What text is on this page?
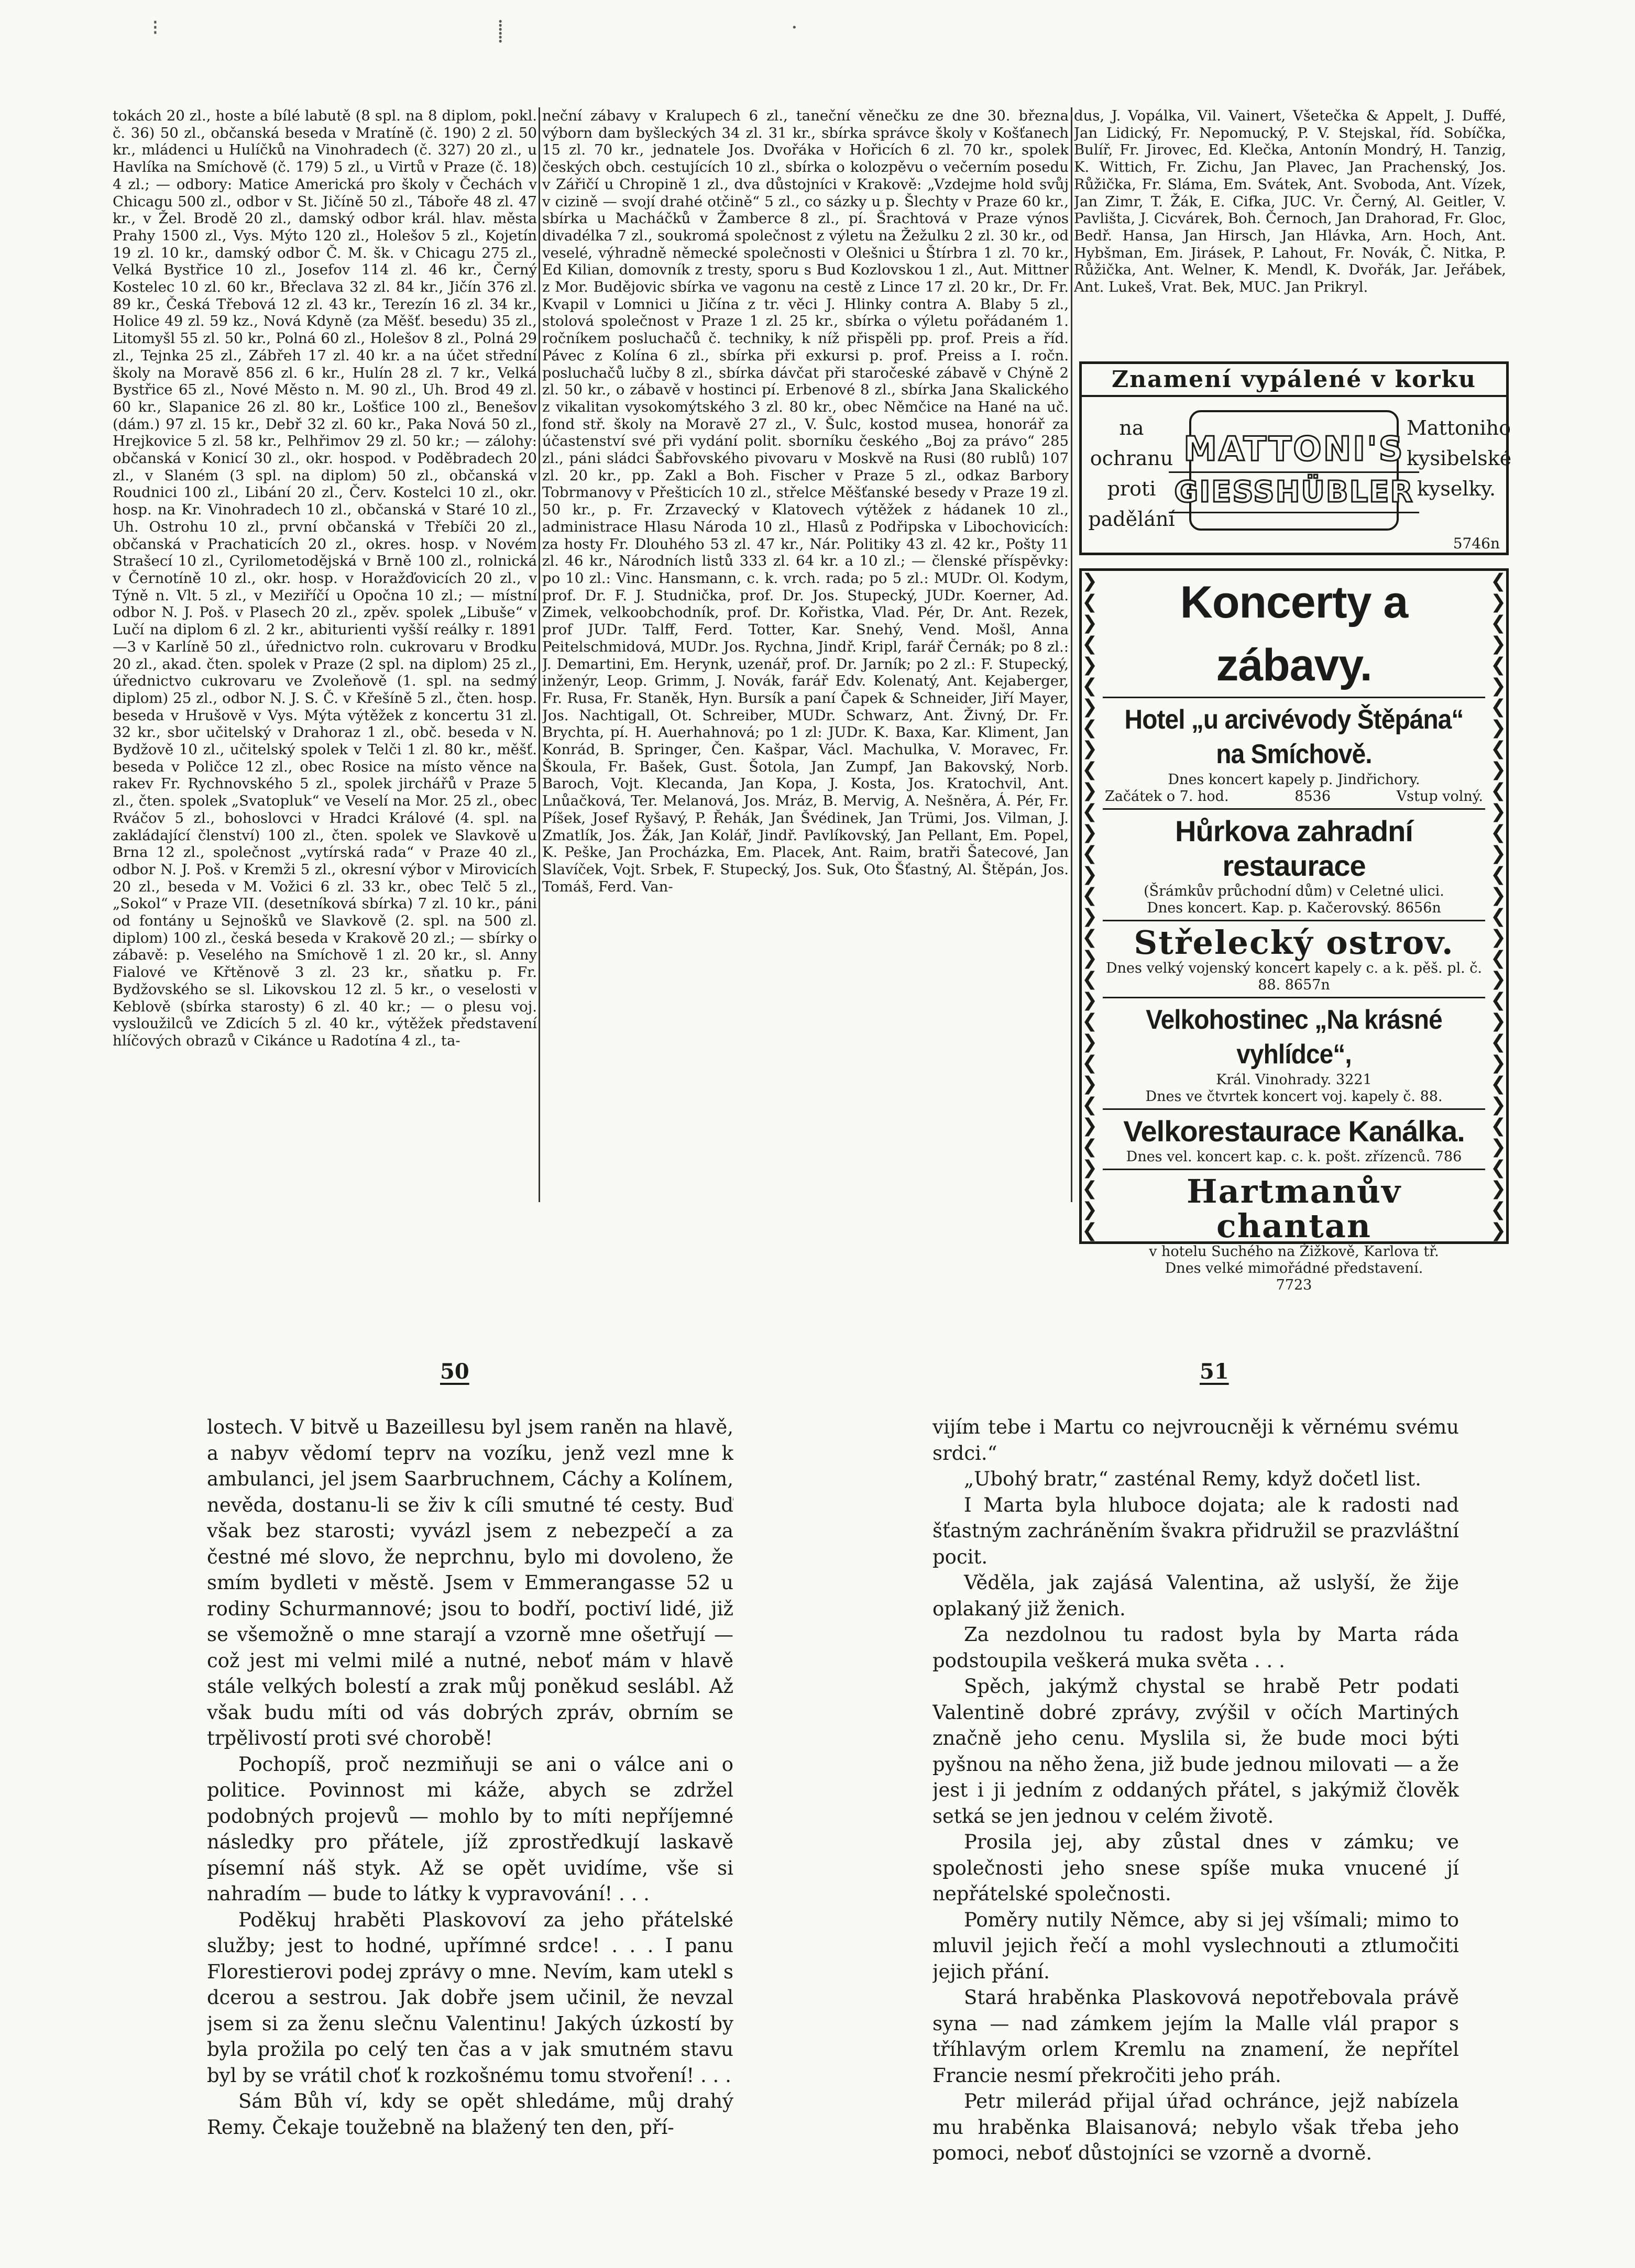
⁝	⸽	·

tokách 20 zl., hoste a bílé labutě (8 spl. na 8 diplom, pokl. č. 36) 50 zl., občanská beseda v Mratíně (č. 190) 2 zl. 50 kr., mládenci u Hulíčků na Vinohradech (č. 327) 20 zl., u Havlíka na Smíchově (č. 179) 5 zl., u Virtů v Praze (č. 18) 4 zl.; — odbory: Matice Americká pro školy v Čechách v Chicagu 500 zl., odbor v St. Jičíně 50 zl., Táboře 48 zl. 47 kr., v Žel. Brodě 20 zl., damský odbor král. hlav. města Prahy 1500 zl., Vys. Mýto 120 zl., Holešov 5 zl., Kojetín 19 zl. 10 kr., damský odbor Č. M. šk. v Chicagu 275 zl., Velká Bystřice 10 zl., Josefov 114 zl. 46 kr., Černý Kostelec 10 zl. 60 kr., Břeclava 32 zl. 84 kr., Jičín 376 zl. 89 kr., Česká Třebová 12 zl. 43 kr., Terezín 16 zl. 34 kr., Holice 49 zl. 59 kz., Nová Kdyně (za Měšť. besedu) 35 zl., Litomyšl 55 zl. 50 kr., Polná 60 zl., Holešov 8 zl., Polná 29 zl., Tejnka 25 zl., Zábřeh 17 zl. 40 kr. a na účet střední školy na Moravě 856 zl. 6 kr., Hulín 28 zl. 7 kr., Velká Bystřice 65 zl., Nové Město n. M. 90 zl., Uh. Brod 49 zl. 60 kr., Slapanice 26 zl. 80 kr., Lošťice 100 zl., Benešov (dám.) 97 zl. 15 kr., Debř 32 zl. 60 kr., Paka Nová 50 zl., Hrejkovice 5 zl. 58 kr., Pelhřimov 29 zl. 50 kr.; — zálohy: občanská v Konicí 30 zl., okr. hospod. v Poděbradech 20 zl., v Slaném (3 spl. na diplom) 50 zl., občanská v Roudnici 100 zl., Libání 20 zl., Červ. Kostelci 10 zl., okr. hosp. na Kr. Vinohradech 10 zl., občanská v Staré 10 zl., Uh. Ostrohu 10 zl., první občanská v Třebíči 20 zl., občanská v Prachaticích 20 zl., okres. hosp. v Novém Strašecí 10 zl., Cyrilometodějská v Brně 100 zl., rolnická v Černotíně 10 zl., okr. hosp. v Horažďovicích 20 zl., v Týně n. Vlt. 5 zl., v Meziříčí u Opočna 10 zl.; — místní odbor N. J. Poš. v Plasech 20 zl., zpěv. spolek „Libuše“ v Lučí na diplom 6 zl. 2 kr., abiturienti vyšší reálky r. 1891—3 v Karlíně 50 zl., úřednictvo roln. cukrovaru v Brodku 20 zl., akad. čten. spolek v Praze (2 spl. na diplom) 25 zl., úřednictvo cukrovaru ve Zvoleňově (1. spl. na sedmý diplom) 25 zl., odbor N. J. S. Č. v Křešíně 5 zl., čten. hosp. beseda v Hrušově v Vys. Mýta výtěžek z koncertu 31 zl. 32 kr., sbor učitelský v Drahoraz 1 zl., obč. beseda v N. Bydžově 10 zl., učitelský spolek v Telči 1 zl. 80 kr., měšť. beseda v Poličce 12 zl., obec Rosice na místo věnce na rakev Fr. Rychnovského 5 zl., spolek jirchářů v Praze 5 zl., čten. spolek „Svatopluk“ ve Veselí na Mor. 25 zl., obec Rváčov 5 zl., bohoslovci v Hradci Králové (4. spl. na zakládající členství) 100 zl., čten. spolek ve Slavkově u Brna 12 zl., společnost „vytírská rada“ v Praze 40 zl., odbor N. J. Poš. v Kremži 5 zl., okresní výbor v Mirovicích 20 zl., beseda v M. Vožici 6 zl. 33 kr., obec Telč 5 zl., „Sokol“ v Praze VII. (desetníková sbírka) 7 zl. 10 kr., páni od fontány u Sejnošků ve Slavkově (2. spl. na 500 zl. diplom) 100 zl., česká beseda v Krakově 20 zl.; — sbírky o zábavě: p. Veselého na Smíchově 1 zl. 20 kr., sl. Anny Fialové ve Křtěnově 3 zl. 23 kr., sňatku p. Fr. Bydžovského se sl. Likovskou 12 zl. 5 kr., o veselosti v Keblově (sbírka starosty) 6 zl. 40 kr.; — o plesu voj. vysloužilců ve Zdicích 5 zl. 40 kr., výtěžek představení hlíčových obrazů v Cikánce u Radotína 4 zl., ta-

neční zábavy v Kralupech 6 zl., taneční věnečku ze dne 30. března výborn dam byšleckých 34 zl. 31 kr., sbírka správce školy v Košťanech 15 zl. 70 kr., jednatele Jos. Dvořáka v Hořicích 6 zl. 70 kr., spolek českých obch. cestujících 10 zl., sbírka o kolozpěvu o večerním posedu v Zářičí u Chropině 1 zl., dva důstojníci v Krakově: „Vzdejme hold svůj v cizině — svojí drahé otčině“ 5 zl., co sázky u p. Šlechty v Praze 60 kr., sbírka u Macháčků v Žamberce 8 zl., pí. Šrachtová v Praze výnos divadélka 7 zl., soukromá společnost z výletu na Žežulku 2 zl. 30 kr., od veselé, výhradně německé společnosti v Olešnici u Štírbra 1 zl. 70 kr., Ed Kilian, domovník z tresty, sporu s Bud Kozlovskou 1 zl., Aut. Mittner z Mor. Budějovic sbírka ve vagonu na cestě z Lince 17 zl. 20 kr., Dr. Fr. Kvapil v Lomnici u Jičína z tr. věci J. Hlinky contra A. Blaby 5 zl., stolová společnost v Praze 1 zl. 25 kr., sbírka o výletu pořádaném 1. ročníkem posluchačů č. techniky, k níž přispěli pp. prof. Preis a říd. Pávec z Kolína 6 zl., sbírka při exkursi p. prof. Preiss a I. ročn. posluchačů lučby 8 zl., sbírka dávčat při staročeské zábavě v Chýně 2 zl. 50 kr., o zábavě v hostinci pí. Erbenové 8 zl., sbírka Jana Skalického z vikalitan vysokomýtského 3 zl. 80 kr., obec Němčice na Hané na uč. fond stř. školy na Moravě 27 zl., V. Šulc, kostod musea, honorář za účastenství své při vydání polit. sborníku českého „Boj za právo“ 285 zl., páni sládci Šabřovského pivovaru v Moskvě na Rusi (80 rublů) 107 zl. 20 kr., pp. Zakl a Boh. Fischer v Praze 5 zl., odkaz Barbory Tobrmanovy v Přešticích 10 zl., střelce Měšťanské besedy v Praze 19 zl. 50 kr., p. Fr. Zrzavecký v Klatovech výtěžek z hádanek 10 zl., administrace Hlasu Národa 10 zl., Hlasů z Podřipska v Libochovicích: za hosty Fr. Dlouhého 53 zl. 47 kr., Nár. Politiky 43 zl. 42 kr., Pošty 11 zl. 46 kr., Národních listů 333 zl. 64 kr. a 10 zl.; — členské příspěvky: po 10 zl.: Vinc. Hansmann, c. k. vrch. rada; po 5 zl.: MUDr. Ol. Kodym, prof. Dr. F. J. Studnička, prof. Dr. Jos. Stupecký, JUDr. Koerner, Ad. Zimek, velkoobchodník, prof. Dr. Kořistka, Vlad. Pér, Dr. Ant. Rezek, prof JUDr. Talff, Ferd. Totter, Kar. Snehý, Vend. Mošl, Anna Peitelschmidová, MUDr. Jos. Rychna, Jindř. Kripl, farář Černák; po 8 zl.: J. Demartini, Em. Herynk, uzenář, prof. Dr. Jarník; po 2 zl.: F. Stupecký, inženýr, Leop. Grimm, J. Novák, farář Edv. Kolenatý, Ant. Kejaberger, Fr. Rusa, Fr. Staněk, Hyn. Bursík a paní Čapek & Schneider, Jiří Mayer, Jos. Nachtigall, Ot. Schreiber, MUDr. Schwarz, Ant. Živný, Dr. Fr. Brychta, pí. H. Auerhahnová; po 1 zl: JUDr. K. Baxa, Kar. Kliment, Jan Konrád, B. Springer, Čen. Kašpar, Václ. Machulka, V. Moravec, Fr. Škoula, Fr. Bašek, Gust. Šotola, Jan Zumpf, Jan Bakovský, Norb. Baroch, Vojt. Klecanda, Jan Kopa, J. Kosta, Jos. Kratochvil, Ant. Lnůačková, Ter. Melanová, Jos. Mráz, B. Mervig, A. Nešněra, Á. Pér, Fr. Píšek, Josef Ryšavý, P. Řehák, Jan Švédinek, Jan Trümi, Jos. Vilman, J. Zmatlík, Jos. Žák, Jan Kolář, Jindř. Pavlíkovský, Jan Pellant, Em. Popel, K. Peške, Jan Procházka, Em. Placek, Ant. Raim, bratři Šatecové, Jan Slavíček, Vojt. Srbek, F. Stupecký, Jos. Suk, Oto Šťastný, Al. Štěpán, Jos. Tomáš, Ferd. Van-

dus, J. Vopálka, Vil. Vainert, Všetečka & Appelt, J. Duffé, Jan Lidický, Fr. Nepomucký, P. V. Stejskal, říd. Sobíčka, Bulíř, Fr. Jirovec, Ed. Klečka, Antonín Mondrý, H. Tanzig, K. Wittich, Fr. Zichu, Jan Plavec, Jan Prachenský, Jos. Růžička, Fr. Sláma, Em. Svátek, Ant. Svoboda, Ant. Vízek, Jan Zimr, T. Žák, E. Cifka, JUC. Vr. Černý, Al. Geitler, V. Pavlišta, J. Cicvárek, Boh. Černoch, Jan Drahorad, Fr. Gloc, Bedř. Hansa, Jan Hirsch, Jan Hlávka, Arn. Hoch, Ant. Hybšman, Em. Jirásek, P. Lahout, Fr. Novák, Č. Nitka, P. Růžička, Ant. Welner, K. Mendl, K. Dvořák, Jar. Jeřábek, Ant. Lukeš, Vrat. Bek, MUC. Jan Prikryl.

Znamení vypálené v korku
na ochranu
proti
padělání
MATTONI'S
GIESSHÜBLER
Mattoniho
kysibelské
kyselky.
5746n
❯
❮
❯
❮
❯
❮
❯
❮
❯
❮
❯
❮
❯
❮
❯
❮
❯
❮
❯
❮
❯
❮
❯
❮
❯
❮
❯
❮
❯
❮
❯
❮
❮
❯
❮
❯
❮
❯
❮
❯
❮
❯
❮
❯
❮
❯
❮
❯
❮
❯
❮
❯
❮
❯
❮
❯
❮
❯
❮
❯
❮
❯
❮
❯
Koncerty a zábavy.
Hotel „u arcivévody Štěpána“ na Smíchově.
Dnes koncert kapely p. Jindřichory.
Začátek o 7. hod.	8536	Vstup volný.
Hůrkova zahradní restaurace
(Šrámkův průchodní dům) v Celetné ulici.
Dnes koncert. Kap. p. Kačerovský. 8656n
Střelecký ostrov.
Dnes velký vojenský koncert kapely c. a k. pěš. pl. č. 88. 8657n
Velkohostinec „Na krásné vyhlídce“,
Král. Vinohrady. 3221
Dnes ve čtvrtek koncert voj. kapely č. 88.
Velkorestaurace Kanálka.
Dnes vel. koncert kap. c. k. pošt. zřízenců. 786
Hartmanův chantan
v hotelu Suchého na Žižkově, Karlova tř.
Dnes velké mimořádné představení.
7723
50	51

lostech. V bitvě u Bazeillesu byl jsem raněn na hlavě, a nabyv vědomí teprv na vozíku, jenž vezl mne k ambulanci, jel jsem Saarbruchnem, Cáchy a Kolínem, nevěda, dostanu-li se živ k cíli smutné té cesty. Buď však bez starosti; vyvázl jsem z nebezpečí a za čestné mé slovo, že neprchnu, bylo mi dovoleno, že smím bydleti v městě. Jsem v Emmerangasse 52 u rodiny Schurmannové; jsou to bodří, poctiví lidé, již se všemožně o mne starají a vzorně mne ošetřují — což jest mi velmi milé a nutné, neboť mám v hlavě stále velkých bolestí a zrak můj poněkud seslábl. Až však budu míti od vás dobrých zpráv, obrním se trpělivostí proti své chorobě!

Pochopíš, proč nezmiňuji se ani o válce ani o politice. Povinnost mi káže, abych se zdržel podobných projevů — mohlo by to míti nepříjemné následky pro přátele, jíž zprostředkují laskavě písemní náš styk. Až se opět uvidíme, vše si nahradím — bude to látky k vypravování! . . .

Poděkuj hraběti Plaskovoví za jeho přátelské služby; jest to hodné, upřímné srdce! . . . I panu Florestierovi podej zprávy o mne. Nevím, kam utekl s dcerou a sestrou. Jak dobře jsem učinil, že nevzal jsem si za ženu slečnu Valentinu! Jakých úzkostí by byla prožila po celý ten čas a v jak smutném stavu byl by se vrátil choť k rozkošnému tomu stvoření! . . .

Sám Bůh ví, kdy se opět shledáme, můj drahý Remy. Čekaje toužebně na blažený ten den, pří-

vijím tebe i Martu co nejvroucněji k věrnému svému srdci.“

„Ubohý bratr,“ zasténal Remy, když dočetl list.

I Marta byla hluboce dojata; ale k radosti nad šťastným zachráněním švakra přidružil se prazvláštní pocit.

Věděla, jak zajásá Valentina, až uslyší, že žije oplakaný již ženich.

Za nezdolnou tu radost byla by Marta ráda podstoupila veškerá muka světa . . .

Spěch, jakýmž chystal se hrabě Petr podati Valentině dobré zprávy, zvýšil v očích Martiných značně jeho cenu. Myslila si, že bude moci býti pyšnou na něho žena, již bude jednou milovati — a že jest i ji jedním z oddaných přátel, s jakýmiž člověk setká se jen jednou v celém životě.

Prosila jej, aby zůstal dnes v zámku; ve společnosti jeho snese spíše muka vnucené jí nepřátelské společnosti.

Poměry nutily Němce, aby si jej všímali; mimo to mluvil jejich řečí a mohl vyslechnouti a ztlumočiti jejich přání.

Stará hraběnka Plaskovová nepotřebovala právě syna — nad zámkem jejím la Malle vlál prapor s tříhlavým orlem Kremlu na znamení, že nepřítel Francie nesmí překročiti jeho práh.

Petr milerád přijal úřad ochránce, jejž nabízela mu hraběnka Blaisanová; nebylo však třeba jeho pomoci, neboť důstojníci se vzorně a dvorně.
